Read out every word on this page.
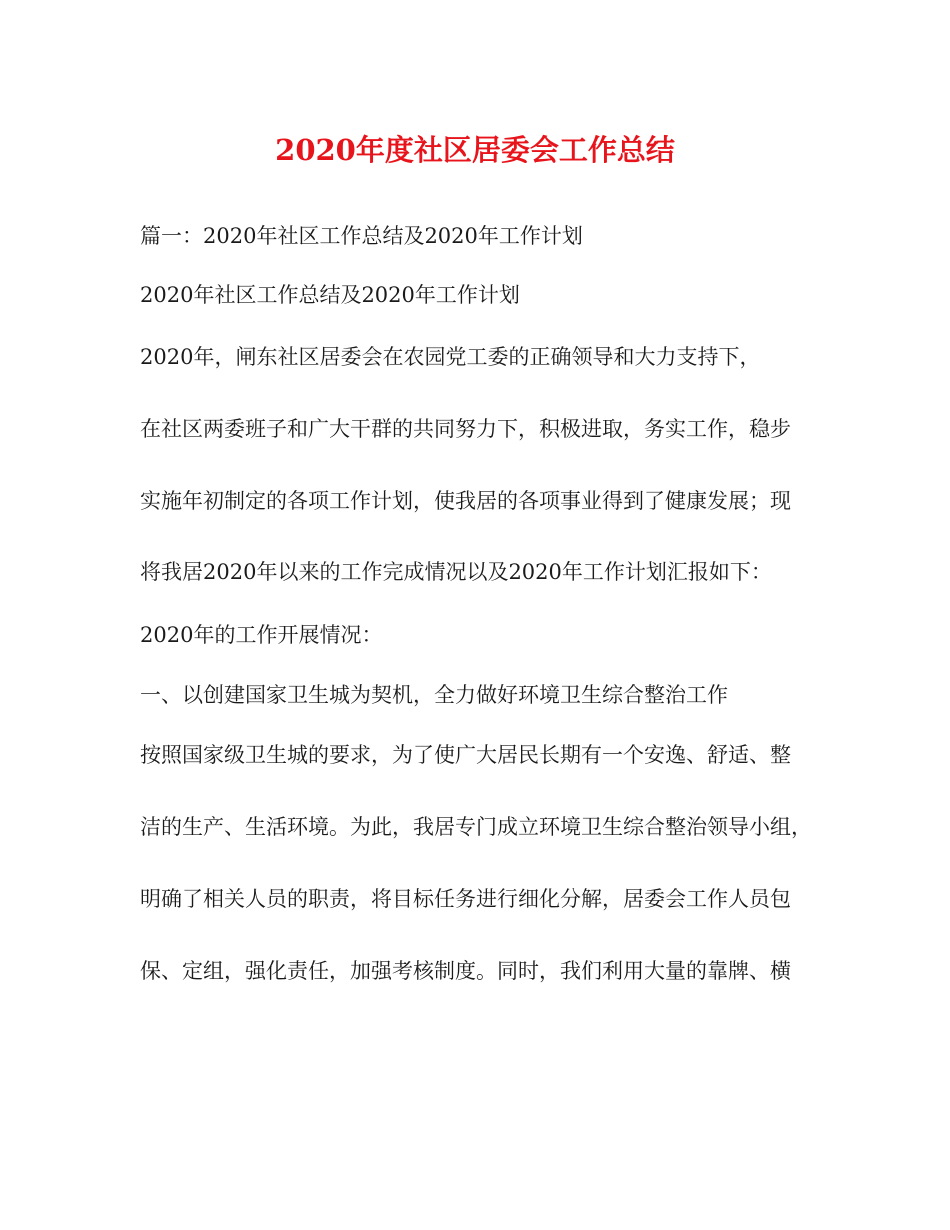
2020年度社区居委会工作总结
篇一：2020年社区工作总结及2020年工作计划
2020年社区工作总结及2020年工作计划
2020年，闸东社区居委会在农园党工委的正确领导和大力支持下，
在社区两委班子和广大干群的共同努力下，积极进取，务实工作，稳步
实施年初制定的各项工作计划，使我居的各项事业得到了健康发展；现
将我居2020年以来的工作完成情况以及2020年工作计划汇报如下：
2020年的工作开展情况：
一、以创建国家卫生城为契机，全力做好环境卫生综合整治工作
按照国家级卫生城的要求，为了使广大居民长期有一个安逸、舒适、整
洁的生产、生活环境。为此，我居专门成立环境卫生综合整治领导小组，
明确了相关人员的职责，将目标任务进行细化分解，居委会工作人员包
保、定组，强化责任，加强考核制度。同时，我们利用大量的靠牌、横
